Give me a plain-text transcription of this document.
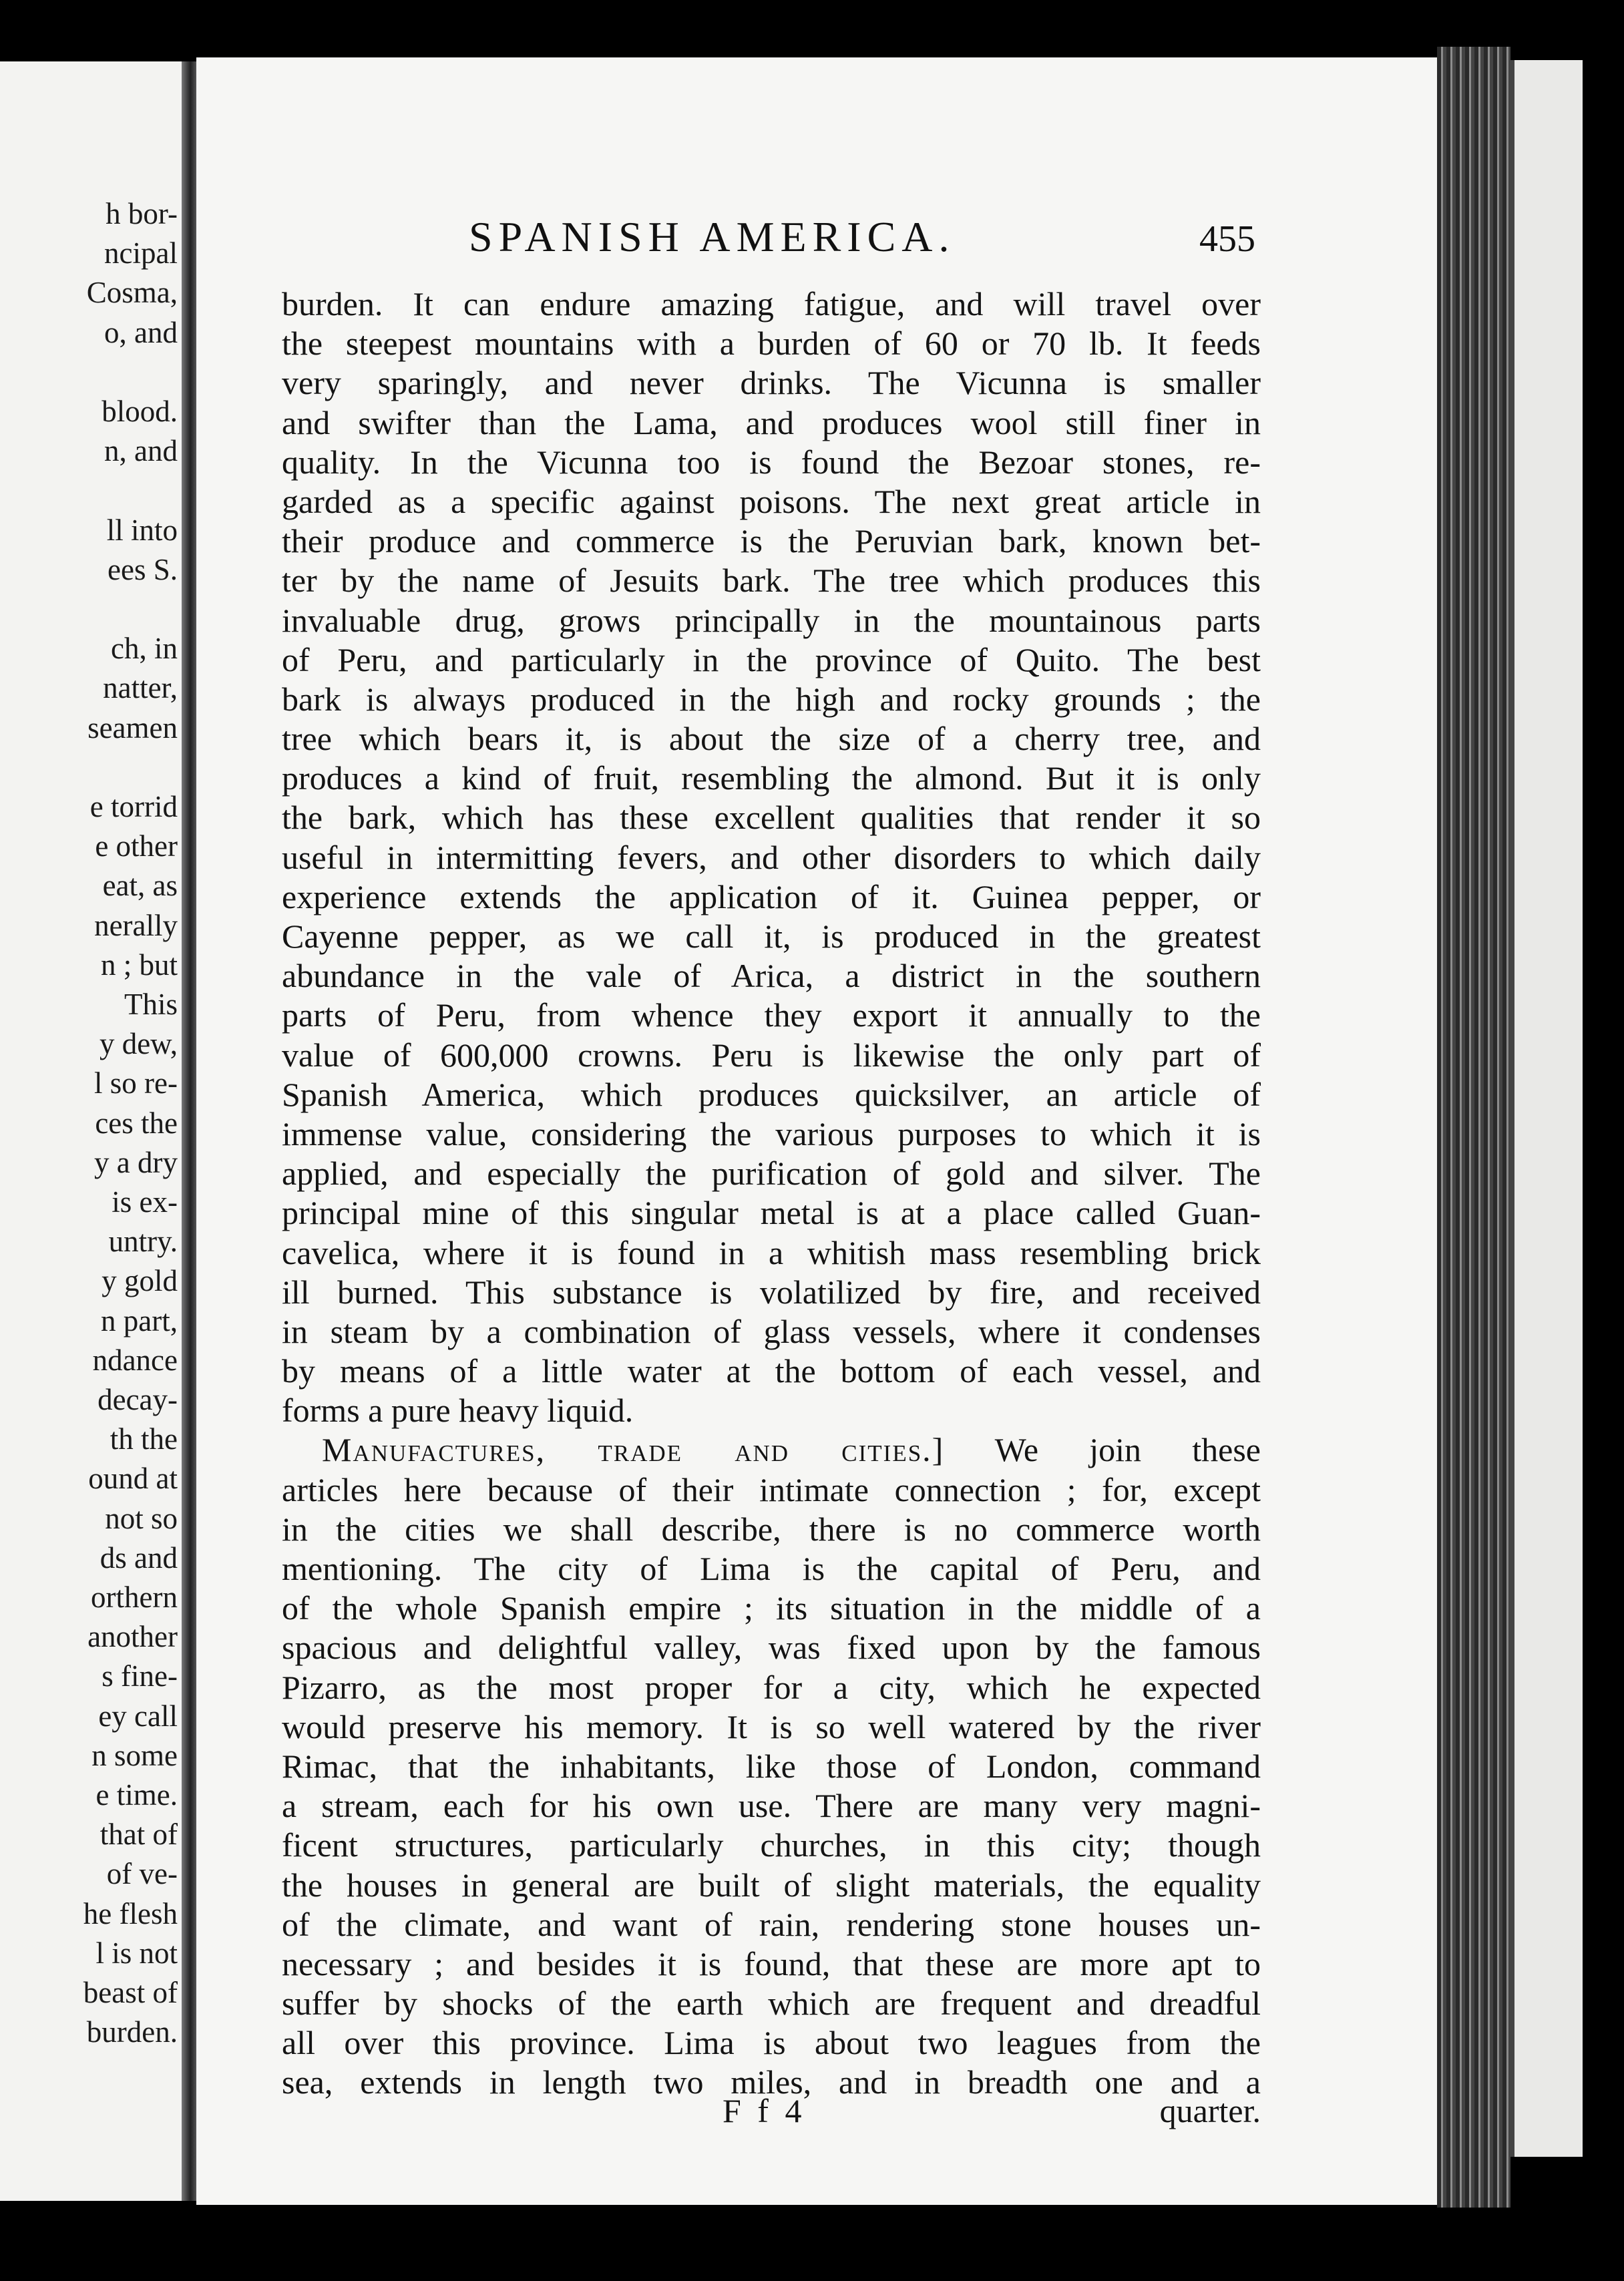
h bor-
ncipal
Cosma,
o, and
blood.
n, and
ll into
ees S.
ch, in
natter,
seamen
e torrid
e other
eat, as
nerally
n ; but
This
y dew,
l so re-
ces the
y a dry
is ex-
untry.
y gold
n part,
ndance
decay-
th the
ound at
not so
ds and
orthern
another
s fine-
ey call
n some
e time.
that of
of ve-
he flesh
l is not
beast of
burden.
SPANISH AMERICA.	455
burden. It can endure amazing fatigue, and will travel over
the steepest mountains with a burden of 60 or 70 lb. It feeds
very sparingly, and never drinks. The Vicunna is smaller
and swifter than the Lama, and produces wool still finer in
quality. In the Vicunna too is found the Bezoar stones, re-
garded as a specific against poisons. The next great article in
their produce and commerce is the Peruvian bark, known bet-
ter by the name of Jesuits bark. The tree which produces this
invaluable drug, grows principally in the mountainous parts
of Peru, and particularly in the province of Quito. The best
bark is always produced in the high and rocky grounds ; the
tree which bears it, is about the size of a cherry tree, and
produces a kind of fruit, resembling the almond. But it is only
the bark, which has these excellent qualities that render it so
useful in intermitting fevers, and other disorders to which daily
experience extends the application of it. Guinea pepper, or
Cayenne pepper, as we call it, is produced in the greatest
abundance in the vale of Arica, a district in the southern
parts of Peru, from whence they export it annually to the
value of 600,000 crowns. Peru is likewise the only part of
Spanish America, which produces quicksilver, an article of
immense value, considering the various purposes to which it is
applied, and especially the purification of gold and silver. The
principal mine of this singular metal is at a place called Guan-
cavelica, where it is found in a whitish mass resembling brick
ill burned. This substance is volatilized by fire, and received
in steam by a combination of glass vessels, where it condenses
by means of a little water at the bottom of each vessel, and
forms a pure heavy liquid.
Manufactures, trade and cities.] We join these
articles here because of their intimate connection ; for, except
in the cities we shall describe, there is no commerce worth
mentioning. The city of Lima is the capital of Peru, and
of the whole Spanish empire ; its situation in the middle of a
spacious and delightful valley, was fixed upon by the famous
Pizarro, as the most proper for a city, which he expected
would preserve his memory. It is so well watered by the river
Rimac, that the inhabitants, like those of London, command
a stream, each for his own use. There are many very magni-
ficent structures, particularly churches, in this city; though
the houses in general are built of slight materials, the equality
of the climate, and want of rain, rendering stone houses un-
necessary ; and besides it is found, that these are more apt to
suffer by shocks of the earth which are frequent and dreadful
all over this province. Lima is about two leagues from the
sea, extends in length two miles, and in breadth one and a
F f 4	quarter.
